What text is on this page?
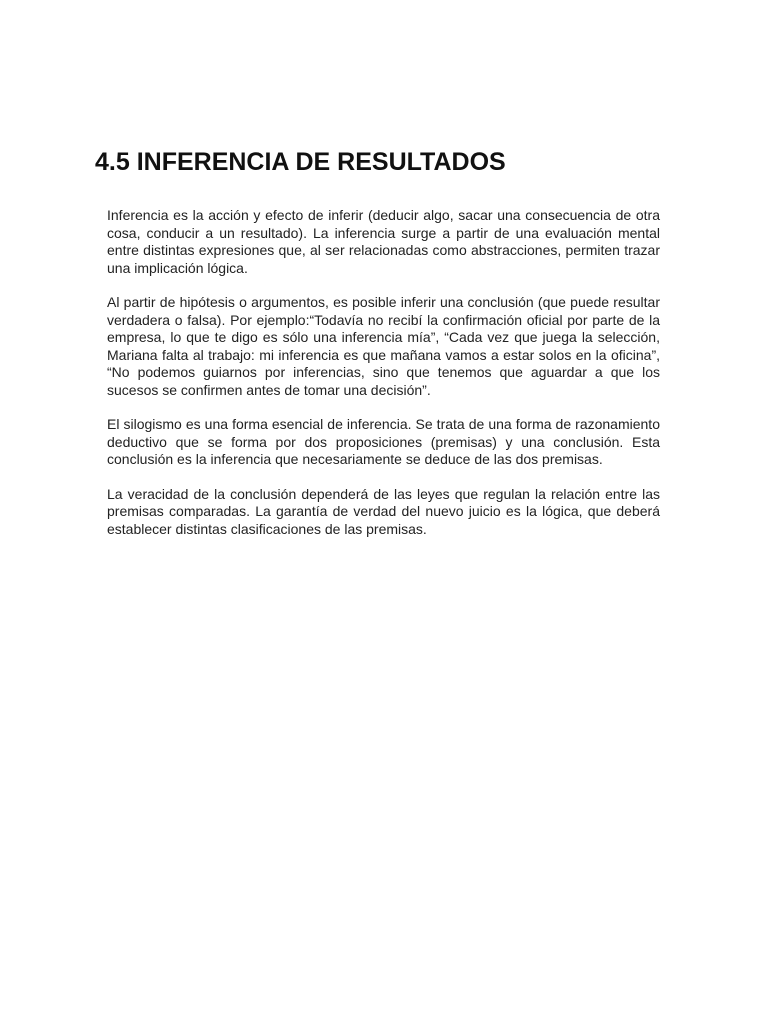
4.5 INFERENCIA DE RESULTADOS

Inferencia es la acción y efecto de inferir (deducir algo, sacar una consecuencia de otra cosa, conducir a un resultado). La inferencia surge a partir de una evaluación mental entre distintas expresiones que, al ser relacionadas como abstracciones, permiten trazar una implicación lógica.

Al partir de hipótesis o argumentos, es posible inferir una conclusión (que puede resultar verdadera o falsa). Por ejemplo:“Todavía no recibí la confirmación oficial por parte de la empresa, lo que te digo es sólo una inferencia mía”, “Cada vez que juega la selección, Mariana falta al trabajo: mi inferencia es que mañana vamos a estar solos en la oficina”, “No podemos guiarnos por inferencias, sino que tenemos que aguardar a que los sucesos se confirmen antes de tomar una decisión”.

El silogismo es una forma esencial de inferencia. Se trata de una forma de razonamiento deductivo que se forma por dos proposiciones (premisas) y una conclusión. Esta conclusión es la inferencia que necesariamente se deduce de las dos premisas.

La veracidad de la conclusión dependerá de las leyes que regulan la relación entre las premisas comparadas. La garantía de verdad del nuevo juicio es la lógica, que deberá establecer distintas clasificaciones de las premisas.
